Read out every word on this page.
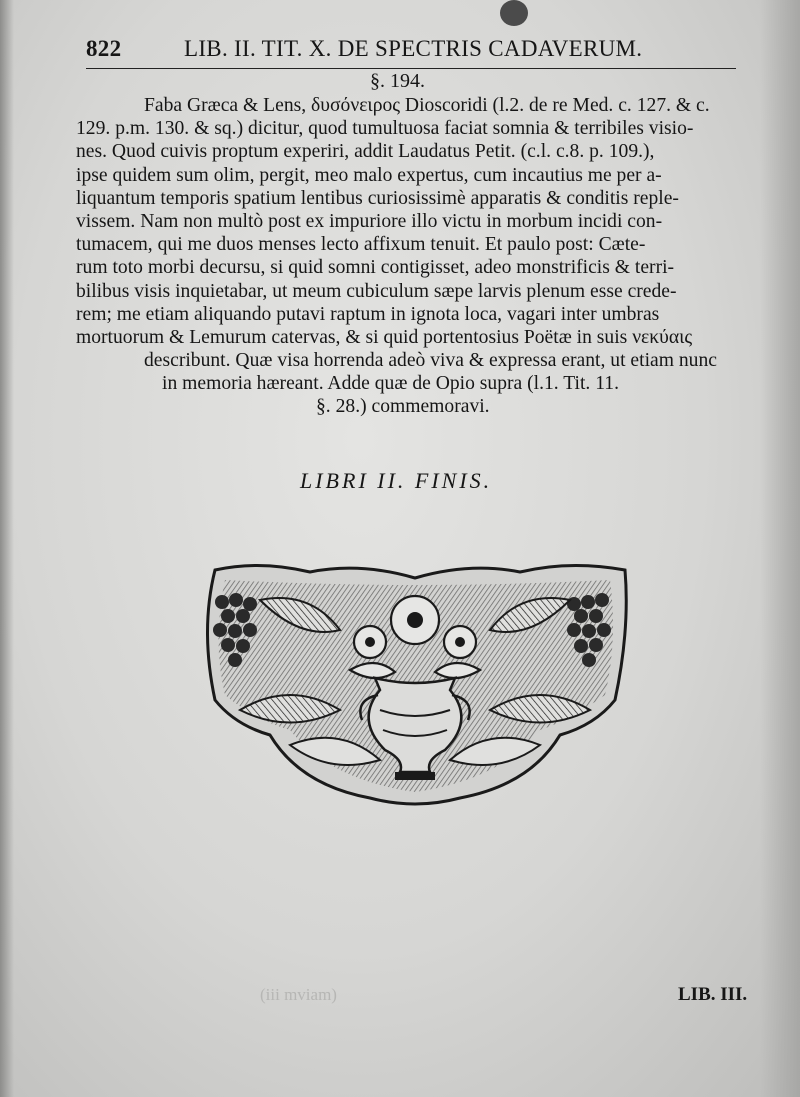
822	LIB. II. TIT. X. DE SPECTRIS CADAVERUM.
§. 194.
Faba Græca & Lens, δυσόνειρος Dioscoridi (l.2. de re Med. c. 127. & c.
129. p.m. 130. & sq.) dicitur, quod tumultuosa faciat somnia & terribiles visio-
nes. Quod cuivis proptum experiri, addit Laudatus Petit. (c.l. c.8. p. 109.),
ipse quidem sum olim, pergit, meo malo expertus, cum incautius me per a-
liquantum temporis spatium lentibus curiosissimè apparatis & conditis reple-
vissem. Nam non multò post ex impuriore illo victu in morbum incidi con-
tumacem, qui me duos menses lecto affixum tenuit. Et paulo post: Cæte-
rum toto morbi decursu, si quid somni contigisset, adeo monstrificis & terri-
bilibus visis inquietabar, ut meum cubiculum sæpe larvis plenum esse crede-
rem; me etiam aliquando putavi raptum in ignota loca, vagari inter umbras
mortuorum & Lemurum catervas, & si quid portentosius Poëtæ in suis νεκύαις
describunt. Quæ visa horrenda adeò viva & expressa erant, ut etiam nunc
in memoria hæreant. Adde quæ de Opio supra (l.1. Tit. 11.
§. 28.) commemoravi.
LIBRI II. FINIS.
(iii mviam)	LIB. III.
